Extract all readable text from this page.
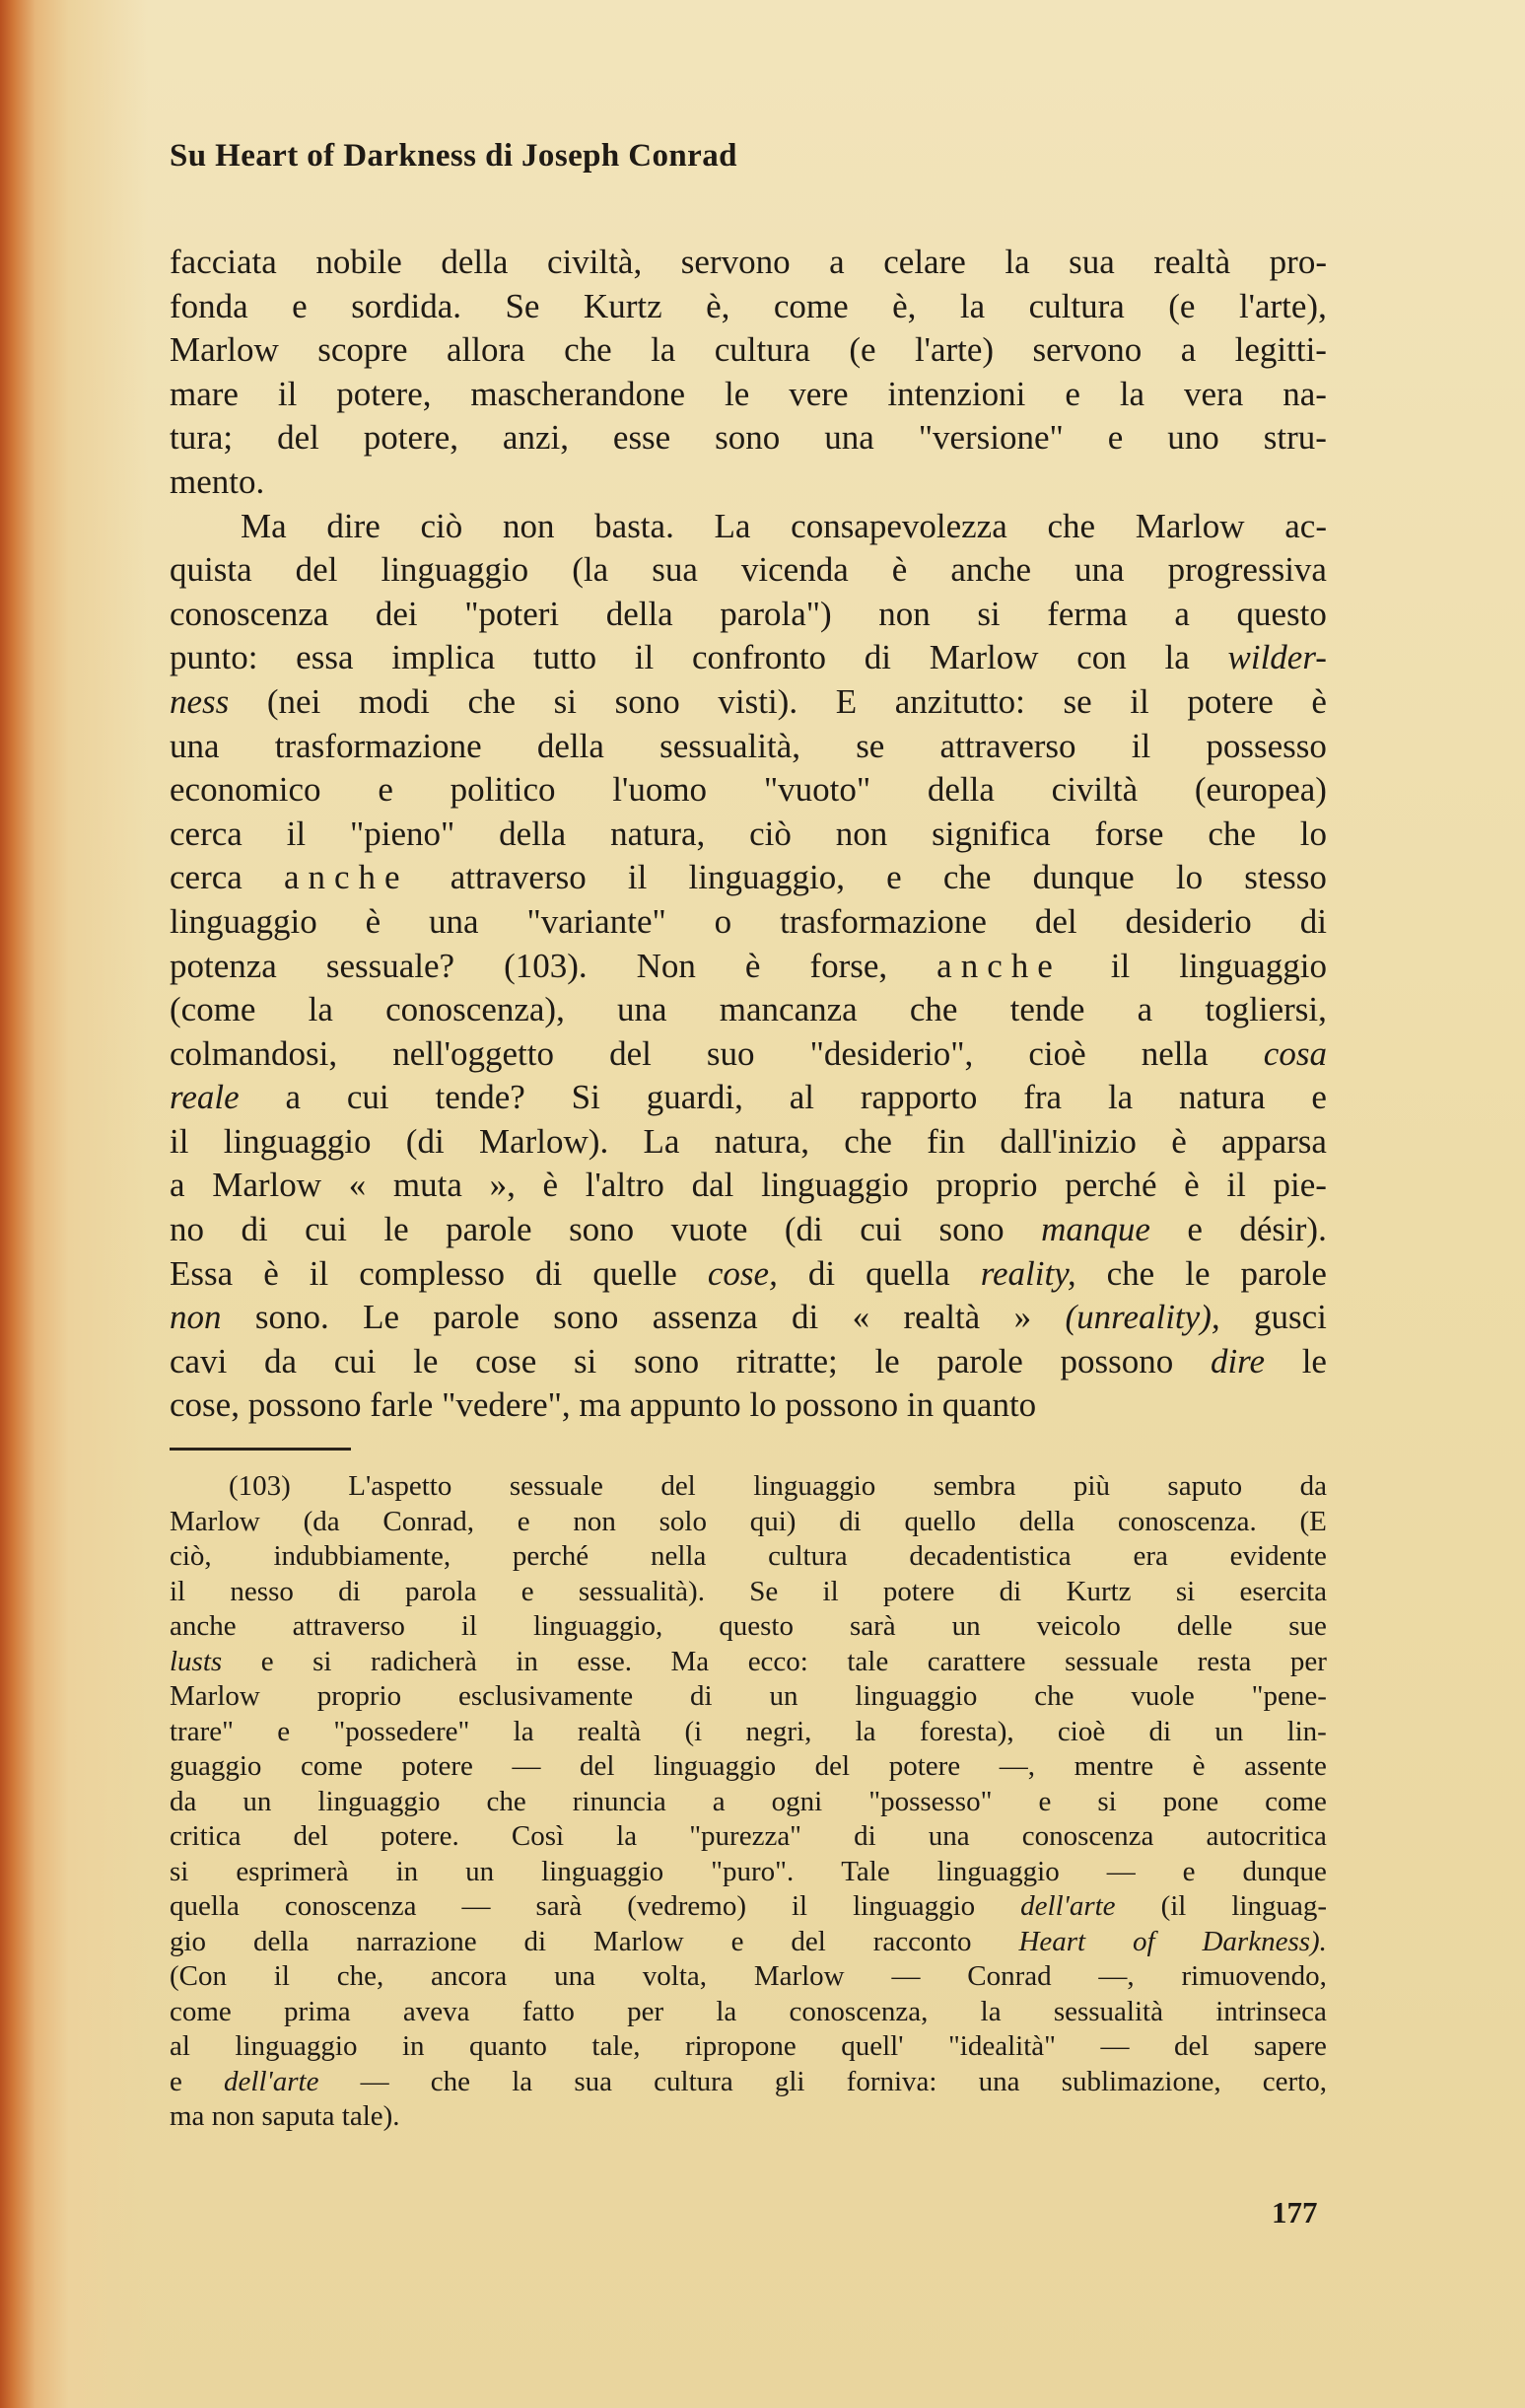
Su Heart of Darkness di Joseph Conrad
facciata nobile della civiltà, servono a celare la sua realtà pro-
fonda e sordida. Se Kurtz è, come è, la cultura (e l'arte),
Marlow scopre allora che la cultura (e l'arte) servono a legitti-
mare il potere, mascherandone le vere intenzioni e la vera na-
tura; del potere, anzi, esse sono una "versione" e uno stru-
mento.
Ma dire ciò non basta. La consapevolezza che Marlow ac-
quista del linguaggio (la sua vicenda è anche una progressiva
conoscenza dei "poteri della parola") non si ferma a questo
punto: essa implica tutto il confronto di Marlow con la wilder-
ness (nei modi che si sono visti). E anzitutto: se il potere è
una trasformazione della sessualità, se attraverso il possesso
economico e politico l'uomo "vuoto" della civiltà (europea)
cerca il "pieno" della natura, ciò non significa forse che lo
cerca anche attraverso il linguaggio, e che dunque lo stesso
linguaggio è una "variante" o trasformazione del desiderio di
potenza sessuale? (103). Non è forse, anche il linguaggio
(come la conoscenza), una mancanza che tende a togliersi,
colmandosi, nell'oggetto del suo "desiderio", cioè nella cosa
reale a cui tende? Si guardi, al rapporto fra la natura e
il linguaggio (di Marlow). La natura, che fin dall'inizio è apparsa
a Marlow « muta », è l'altro dal linguaggio proprio perché è il pie-
no di cui le parole sono vuote (di cui sono manque e désir).
Essa è il complesso di quelle cose, di quella reality, che le parole
non sono. Le parole sono assenza di « realtà » (unreality), gusci
cavi da cui le cose si sono ritratte; le parole possono dire le
cose, possono farle "vedere", ma appunto lo possono in quanto
(103) L'aspetto sessuale del linguaggio sembra più saputo da
Marlow (da Conrad, e non solo qui) di quello della conoscenza. (E
ciò, indubbiamente, perché nella cultura decadentistica era evidente
il nesso di parola e sessualità). Se il potere di Kurtz si esercita
anche attraverso il linguaggio, questo sarà un veicolo delle sue
lusts e si radicherà in esse. Ma ecco: tale carattere sessuale resta per
Marlow proprio esclusivamente di un linguaggio che vuole "pene-
trare" e "possedere" la realtà (i negri, la foresta), cioè di un lin-
guaggio come potere — del linguaggio del potere —, mentre è assente
da un linguaggio che rinuncia a ogni "possesso" e si pone come
critica del potere. Così la "purezza" di una conoscenza autocritica
si esprimerà in un linguaggio "puro". Tale linguaggio — e dunque
quella conoscenza — sarà (vedremo) il linguaggio dell'arte (il linguag-
gio della narrazione di Marlow e del racconto Heart of Darkness).
(Con il che, ancora una volta, Marlow — Conrad —, rimuovendo,
come prima aveva fatto per la conoscenza, la sessualità intrinseca
al linguaggio in quanto tale, ripropone quell' "idealità" — del sapere
e dell'arte — che la sua cultura gli forniva: una sublimazione, certo,
ma non saputa tale).
177
